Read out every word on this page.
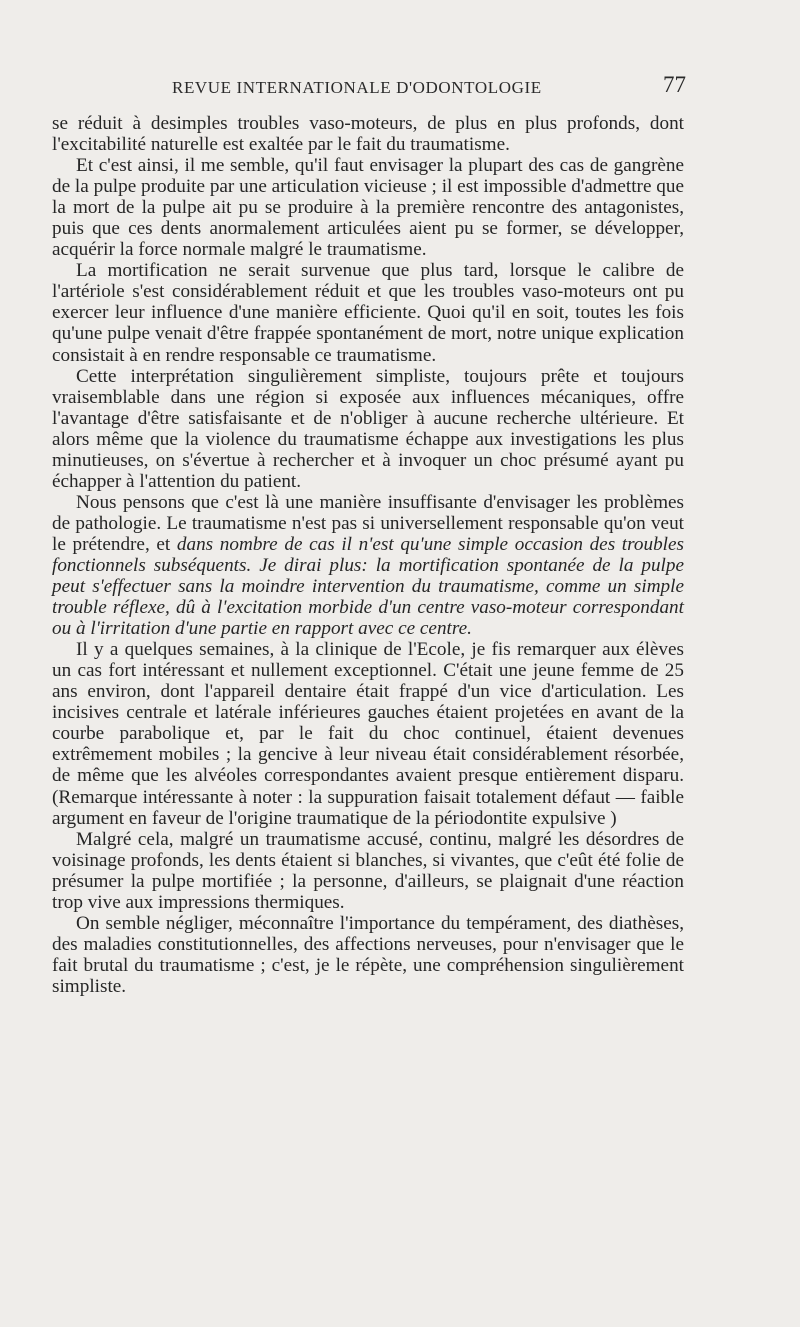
REVUE INTERNATIONALE D'ODONTOLOGIE	77

se réduit à desimples troubles vaso-moteurs, de plus en plus profonds, dont l'excitabilité naturelle est exaltée par le fait du traumatisme.

Et c'est ainsi, il me semble, qu'il faut envisager la plupart des cas de gangrène de la pulpe produite par une articulation vicieuse ; il est impossible d'admettre que la mort de la pulpe ait pu se produire à la première rencontre des antagonistes, puis que ces dents anormalement articulées aient pu se former, se développer, acquérir la force normale malgré le traumatisme.

La mortification ne serait survenue que plus tard, lorsque le calibre de l'artériole s'est considérablement réduit et que les troubles vaso-moteurs ont pu exercer leur influence d'une manière efficiente. Quoi qu'il en soit, toutes les fois qu'une pulpe venait d'être frappée spontanément de mort, notre unique explication consistait à en rendre responsable ce traumatisme.

Cette interprétation singulièrement simpliste, toujours prête et toujours vraisemblable dans une région si exposée aux influences mécaniques, offre l'avantage d'être satisfaisante et de n'obliger à aucune recherche ultérieure. Et alors même que la violence du traumatisme échappe aux investigations les plus minutieuses, on s'évertue à rechercher et à invoquer un choc présumé ayant pu échapper à l'attention du patient.

Nous pensons que c'est là une manière insuffisante d'envisager les problèmes de pathologie. Le traumatisme n'est pas si universellement responsable qu'on veut le prétendre, et dans nombre de cas il n'est qu'une simple occasion des troubles fonctionnels subséquents. Je dirai plus: la mortification spontanée de la pulpe peut s'effectuer sans la moindre intervention du traumatisme, comme un simple trouble réflexe, dû à l'excitation morbide d'un centre vaso-moteur correspondant ou à l'irritation d'une partie en rapport avec ce centre.

Il y a quelques semaines, à la clinique de l'Ecole, je fis remarquer aux élèves un cas fort intéressant et nullement exceptionnel. C'était une jeune femme de 25 ans environ, dont l'appareil dentaire était frappé d'un vice d'articulation. Les incisives centrale et latérale inférieures gauches étaient projetées en avant de la courbe parabolique et, par le fait du choc continuel, étaient devenues extrêmement mobiles ; la gencive à leur niveau était considérablement résorbée, de même que les alvéoles correspondantes avaient presque entièrement disparu. (Remarque intéressante à noter : la suppuration faisait totalement défaut — faible argument en faveur de l'origine traumatique de la périodontite expulsive )

Malgré cela, malgré un traumatisme accusé, continu, malgré les désordres de voisinage profonds, les dents étaient si blanches, si vivantes, que c'eût été folie de présumer la pulpe mortifiée ; la personne, d'ailleurs, se plaignait d'une réaction trop vive aux impressions thermiques.

On semble négliger, méconnaître l'importance du tempérament, des diathèses, des maladies constitutionnelles, des affections nerveuses, pour n'envisager que le fait brutal du traumatisme ; c'est, je le répète, une compréhension singulièrement simpliste.
